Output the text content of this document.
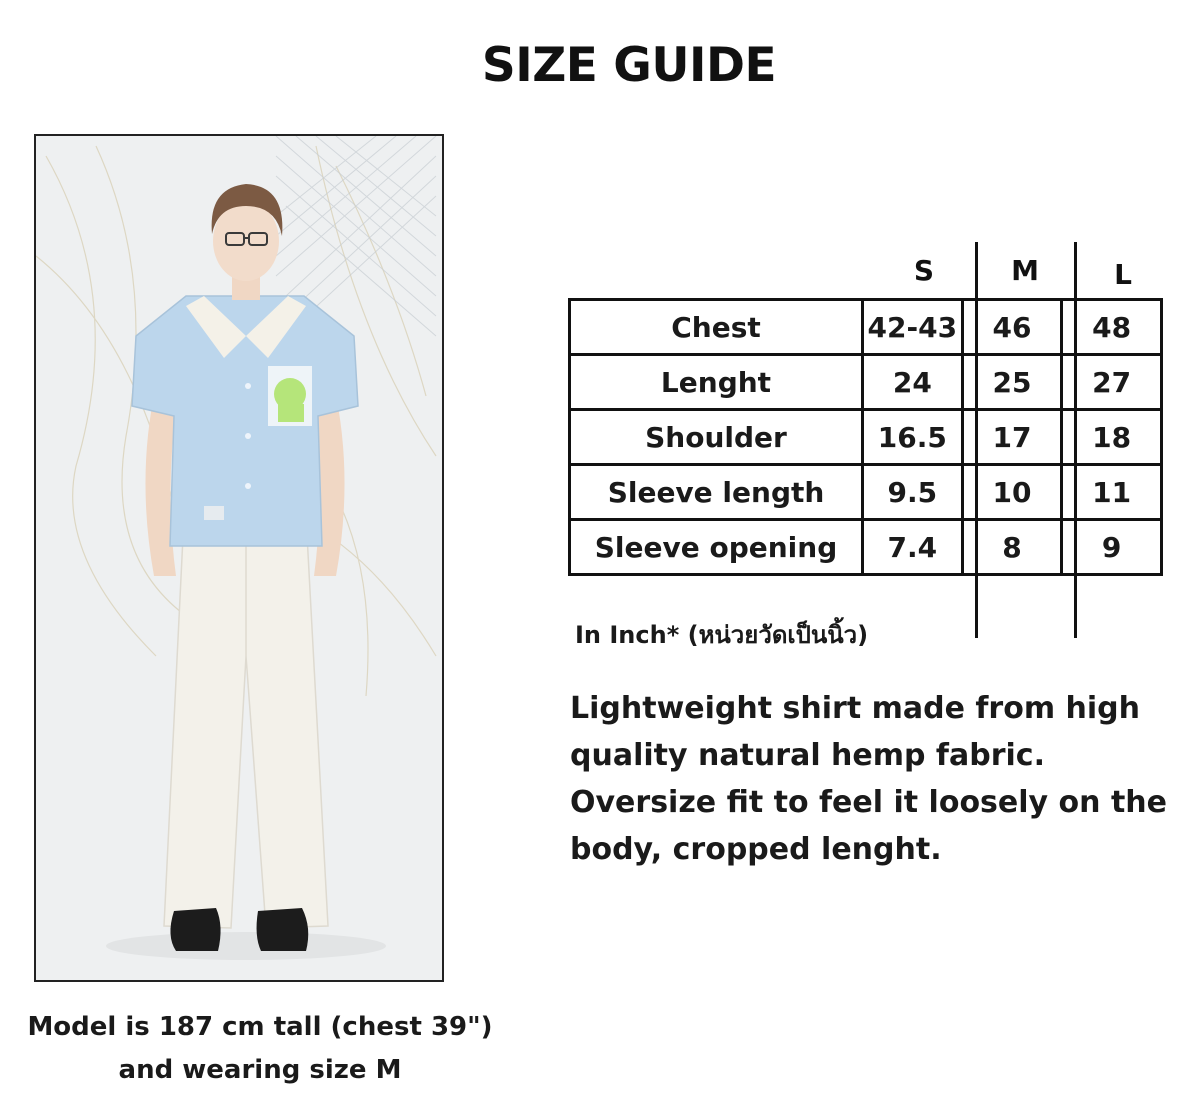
SIZE GUIDE
Model is 187 cm tall (chest 39")
and wearing size M
S	M	L
Chest	42-43	46	48
Lenght	24	25	27
Shoulder	16.5	17	18
Sleeve length	9.5	10	11
Sleeve opening	7.4	8	9
In Inch* (หน่วยวัดเป็นนิ้ว)
Lightweight shirt made from high
quality natural hemp fabric.
Oversize fit to feel it loosely on the
body, cropped lenght.
